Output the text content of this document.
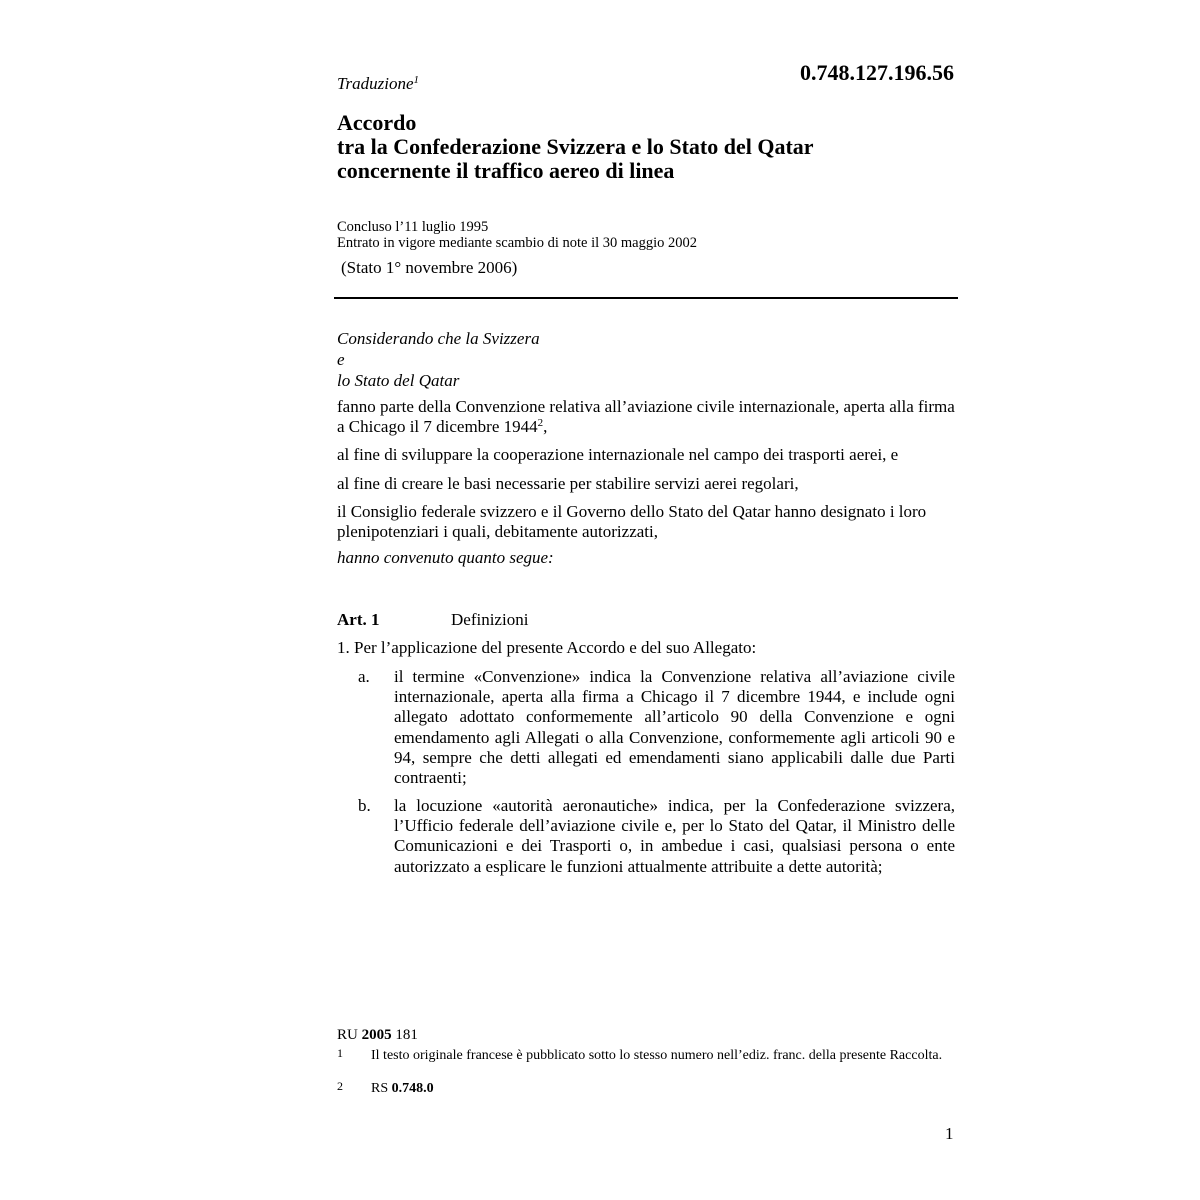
Traduzione$^1$	0.748.127.196.56
Accordo
tra la Confederazione Svizzera e lo Stato del Qatar
concernente il traffico aereo di linea
Concluso l’11 luglio 1995
Entrato in vigore mediante scambio di note il 30 maggio 2002
(Stato 1° novembre 2006)
Considerando che la Svizzera
e
lo Stato del Qatar
fanno parte della Convenzione relativa all’aviazione civile internazionale, aperta alla firma a Chicago il 7 dicembre 1944$^2$,
al fine di sviluppare la cooperazione internazionale nel campo dei trasporti aerei, e
al fine di creare le basi necessarie per stabilire servizi aerei regolari,
il Consiglio federale svizzero e il Governo dello Stato del Qatar hanno designato i loro plenipotenziari i quali, debitamente autorizzati,
hanno convenuto quanto segue:
Art. 1	Definizioni
1. Per l’applicazione del presente Accordo e del suo Allegato:
a. il termine «Convenzione» indica la Convenzione relativa all’aviazione civile internazionale, aperta alla firma a Chicago il 7 dicembre 1944, e include ogni allegato adottato conformemente all’articolo 90 della Convenzione e ogni emendamento agli Allegati o alla Convenzione, conformemente agli articoli 90 e 94, sempre che detti allegati ed emendamenti siano applicabili dalle due Parti contraenti;
b. la locuzione «autorità aeronautiche» indica, per la Confederazione svizzera, l’Ufficio federale dell’aviazione civile e, per lo Stato del Qatar, il Ministro delle Comunicazioni e dei Trasporti o, in ambedue i casi, qualsiasi persona o ente autorizzato a esplicare le funzioni attualmente attribuite a dette autorità;
RU 2005 181
1 Il testo originale francese è pubblicato sotto lo stesso numero nell’ediz. franc. della presente Raccolta.
2 RS 0.748.0
1
